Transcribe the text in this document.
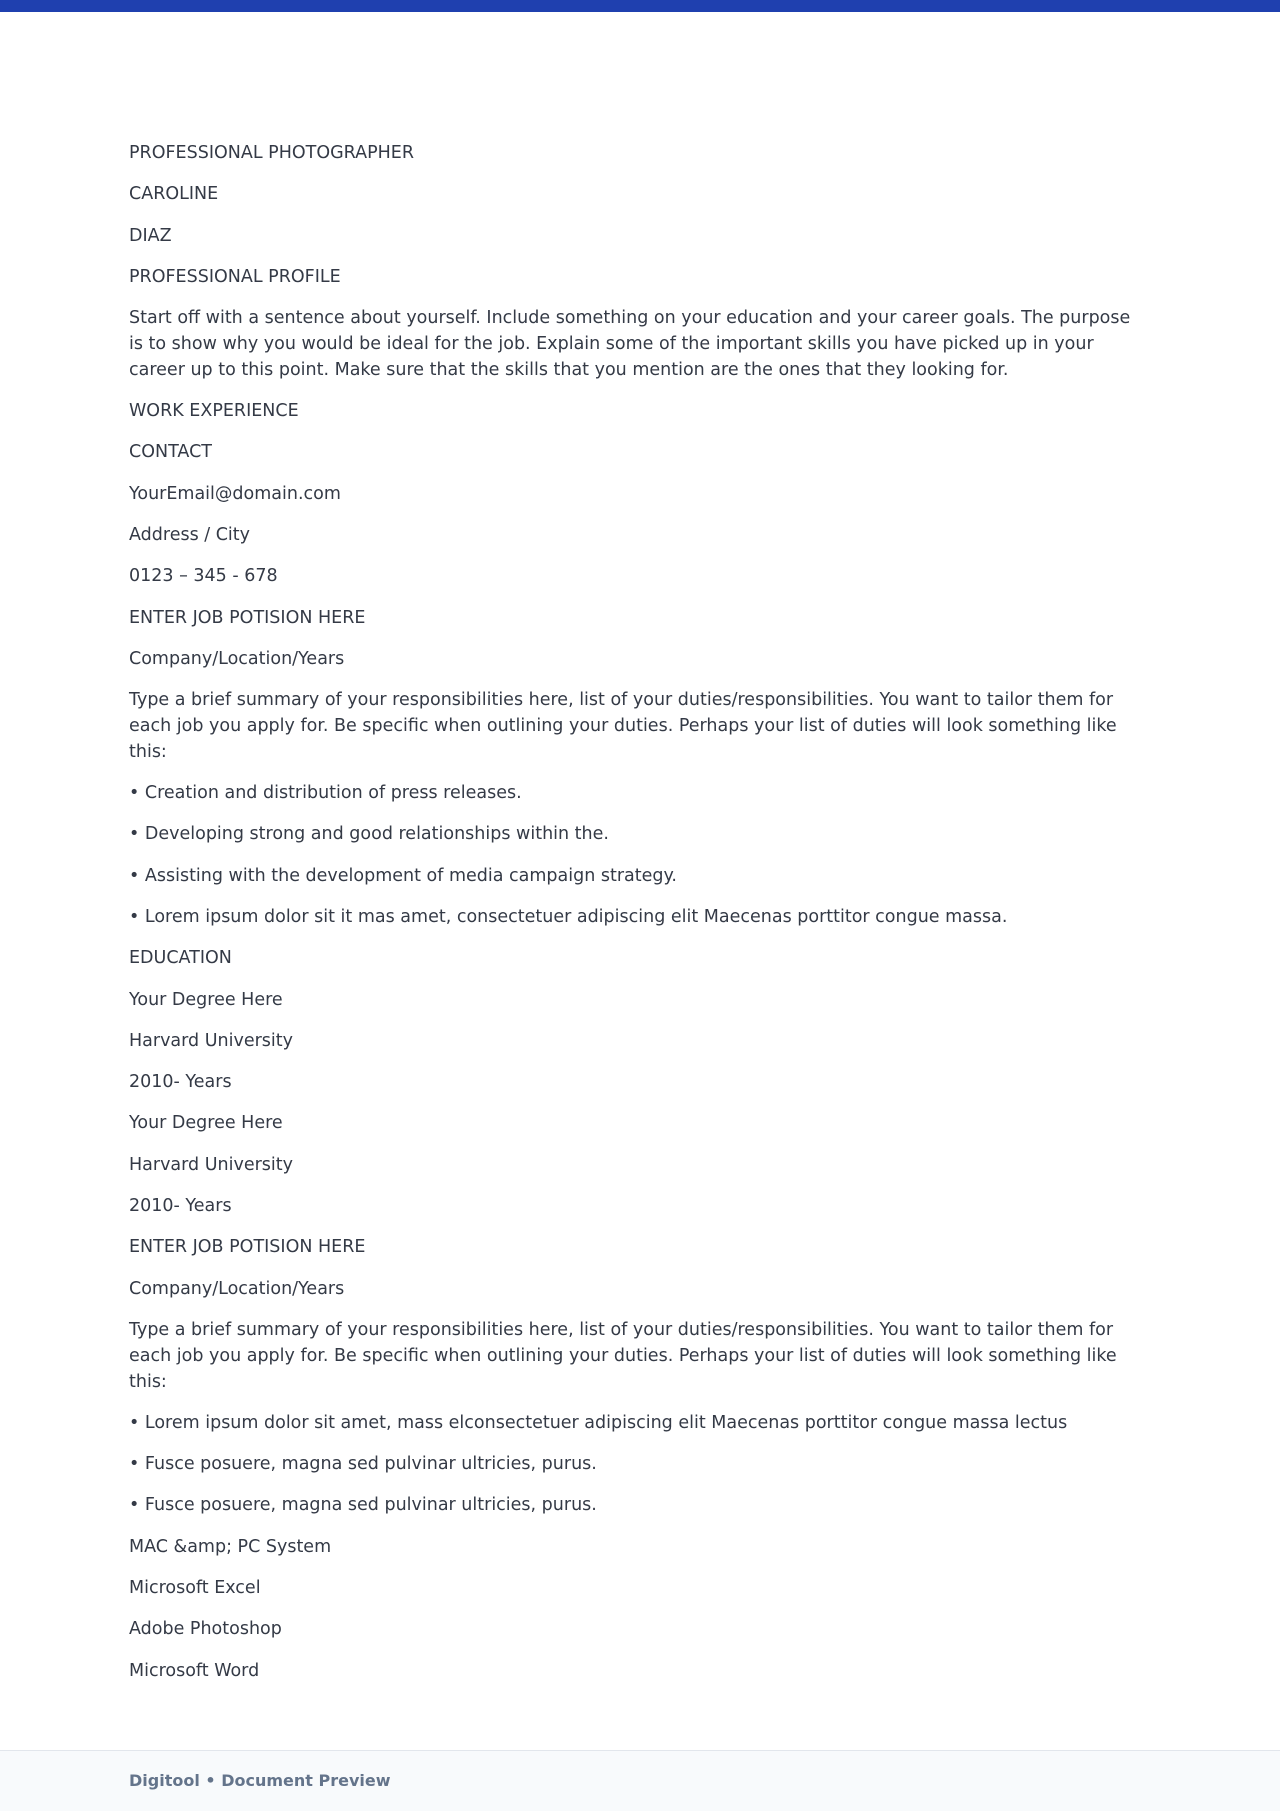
PROFESSIONAL PHOTOGRAPHER

CAROLINE

DIAZ

PROFESSIONAL PROFILE

Start off with a sentence about yourself. Include something on your education and your career goals. The purpose is to show why you would be ideal for the job. Explain some of the important skills you have picked up in your career up to this point. Make sure that the skills that you mention are the ones that they looking for.

WORK EXPERIENCE

CONTACT

YourEmail@domain.com

Address / City

0123 – 345 - 678

ENTER JOB POTISION HERE

Company/Location/Years

Type a brief summary of your responsibilities here, list of your duties/responsibilities. You want to tailor them for each job you apply for. Be specific when outlining your duties. Perhaps your list of duties will look something like this:

• Creation and distribution of press releases.

• Developing strong and good relationships within the.

• Assisting with the development of media campaign strategy.

• Lorem ipsum dolor sit it mas amet, consectetuer adipiscing elit Maecenas porttitor congue massa.

EDUCATION

Your Degree Here

Harvard University

2010- Years

Your Degree Here

Harvard University

2010- Years

ENTER JOB POTISION HERE

Company/Location/Years

Type a brief summary of your responsibilities here, list of your duties/responsibilities. You want to tailor them for each job you apply for. Be specific when outlining your duties. Perhaps your list of duties will look something like this:

• Lorem ipsum dolor sit amet, mass elconsectetuer adipiscing elit Maecenas porttitor congue massa lectus

• Fusce posuere, magna sed pulvinar ultricies, purus.

• Fusce posuere, magna sed pulvinar ultricies, purus.

MAC &amp; PC System

Microsoft Excel

Adobe Photoshop

Microsoft Word

Digitool • Document Preview
